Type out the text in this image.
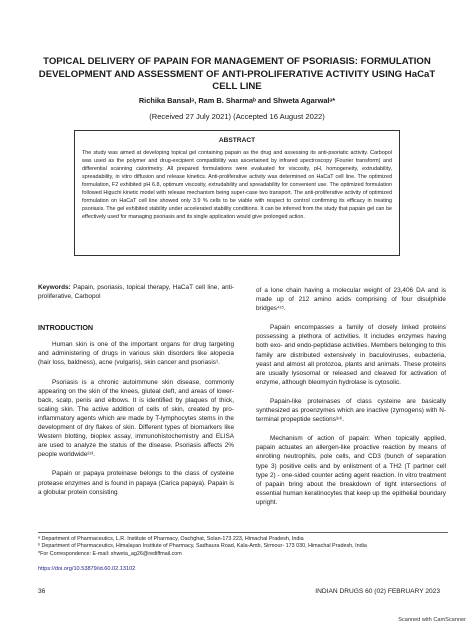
TOPICAL DELIVERY OF PAPAIN FOR MANAGEMENT OF PSORIASIS: FORMULATION DEVELOPMENT AND ASSESSMENT OF ANTI-PROLIFERATIVE ACTIVITY USING HaCaT CELL LINE
Richika Bansalᵃ, Ram B. Sharmaᵇ and Shweta Agarwalᵃ*
(Received 27 July 2021) (Accepted 16 August 2022)
ABSTRACT
The study was aimed at developing topical gel containing papain as the drug and assessing its anti-psoriatic activity. Carbopol was used as the polymer and drug-excipient compatibility was ascertained by infrared spectroscopy (Fourier transform) and differential scanning calorimetry. All prepared formulations were evaluated for viscosity, pH, homogeneity, extrudability, spreadability, in vitro diffusion and release kinetics. Anti-proliferative activity was determined on HaCaT cell line. The optimized formulation, F2 exhibited pH 6.8, optimum viscosity, extrudability and spreadability for convenient use. The optimized formulation followed Higuchi kinetic model with release mechanism being super-case two transport. The anti-proliferative activity of optimized formulation on HaCaT cell line showed only 3.9 % cells to be viable with respect to control confirming its efficacy in treating psoriasis. The gel exhibited stability under accelerated stability conditions. It can be inferred from the study that papain gel can be effectively used for managing psoriasis and its single application would give prolonged action.
Keywords: Papain, psoriasis, topical therapy, HaCaT cell line, anti-proliferative, Carbopol
INTRODUCTION

Human skin is one of the important organs for drug targeting and administering of drugs in various skin disorders like alopecia (hair loss, baldness), acne (vulgaris), skin cancer and psoriasis¹.

Psoriasis is a chronic autoimmune skin disease, commonly appearing on the skin of the knees, gluteal cleft, and areas of lower-back, scalp, penis and elbows. It is identified by plaques of thick, scaling skin. The active addition of cells of skin, created by pro-inflammatory agents which are made by T-lymphocytes stems in the development of dry flakes of skin. Different types of biomarkers like Western blotting, bioplex assay, immunohistochemistry and ELISA are used to analyze the status of the disease. Psoriasis affects 2% people worldwide²ʴ³.

Papain or papaya proteinase belongs to the class of cysteine protease enzymes and is found in papaya (Carica papaya). Papain is a globular protein consisting

of a lone chain having a molecular weight of 23,406 DA and is made up of 212 amino acids comprising of four disulphide bridges⁴ʴ⁵.

Papain encompasses a family of closely linked proteins possessing a plethora of activities. It includes enzymes having both exo- and endo-peptidase activities. Members belonging to this family are distributed extensively in baculoviruses, eubacteria, yeast and almost all protozoa, plants and animals. These proteins are usually lysosomal or released and cleaved for activation of enzyme, although bleomycin hydrolase is cytosolic.

Papain-like proteinases of class cysteine are basically synthesized as proenzymes which are inactive (zymogens) with N-terminal propeptide sections³ʴ⁶.

Mechanism of action of papain: When topically applied, papain actuates an allergen-like proactive reaction by means of enrolling neutrophils, pole cells, and CD3 (bunch of separation type 3) positive cells and by enlistment of a TH2 (T partner cell type 2) - one-sided counter acting agent reaction. In vitro treatment of papain bring about the breakdown of tight intersections of essential human keratinocytes that keep up the epithelial boundary upright.

ᵃ Department of Pharmaceutics, L.R. Institute of Pharmacy, Oachghat, Solan-173 223, Himachal Pradesh, India
ᵇ Department of Pharmaceutics, Himalayan Institute of Pharmacy, Sadhaura Road, Kala-Amb, Sirmour- 173 030, Himachal Pradesh, India
*For Correspondence: E-mail: shweta_ag26@rediffmail.com
https://doi.org/10.53879/id.60.02.13102
36	INDIAN DRUGS 60 (02) FEBRUARY 2023
Scanned with CamScanner
